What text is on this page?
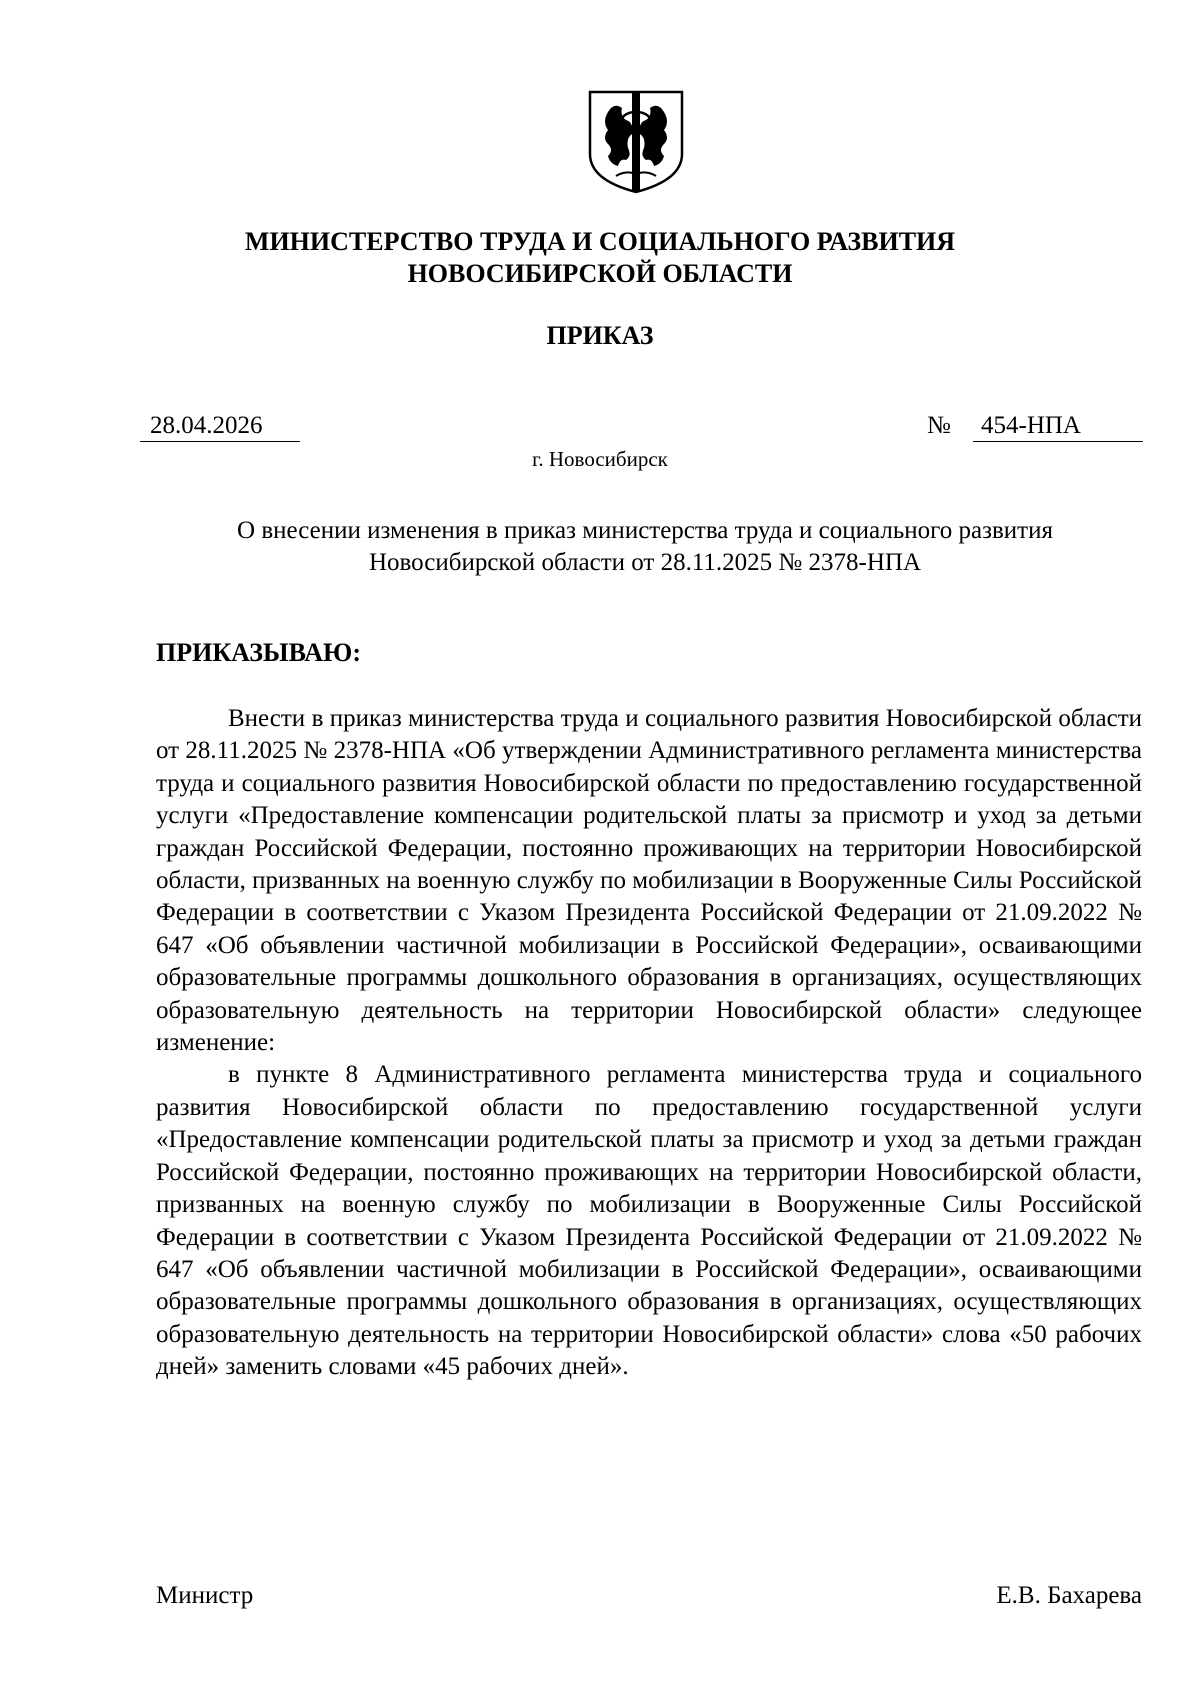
МИНИСТЕРСТВО ТРУДА И СОЦИАЛЬНОГО РАЗВИТИЯ
НОВОСИБИРСКОЙ ОБЛАСТИ
ПРИКАЗ
28.04.2026	№	454-НПА
г. Новосибирск
О внесении изменения в приказ министерства труда и социального развития
Новосибирской области от 28.11.2025 № 2378-НПА
ПРИКАЗЫВАЮ:

Внести в приказ министерства труда и социального развития Новосибирской области от 28.11.2025 № 2378-НПА «Об утверждении Административного регламента министерства труда и социального развития Новосибирской области по предоставлению государственной услуги «Предоставление компенсации родительской платы за присмотр и уход за детьми граждан Российской Федерации, постоянно проживающих на территории Новосибирской области, призванных на военную службу по мобилизации в Вооруженные Силы Российской Федерации в соответствии с Указом Президента Российской Федерации от 21.09.2022 № 647 «Об объявлении частичной мобилизации в Российской Федерации», осваивающими образовательные программы дошкольного образования в организациях, осуществляющих образовательную деятельность на территории Новосибирской области» следующее изменение:

в пункте 8 Административного регламента министерства труда и социального развития Новосибирской области по предоставлению государственной услуги «Предоставление компенсации родительской платы за присмотр и уход за детьми граждан Российской Федерации, постоянно проживающих на территории Новосибирской области, призванных на военную службу по мобилизации в Вооруженные Силы Российской Федерации в соответствии с Указом Президента Российской Федерации от 21.09.2022 № 647 «Об объявлении частичной мобилизации в Российской Федерации», осваивающими образовательные программы дошкольного образования в организациях, осуществляющих образовательную деятельность на территории Новосибирской области» слова «50 рабочих дней» заменить словами «45 рабочих дней».

Министр	Е.В. Бахарева
